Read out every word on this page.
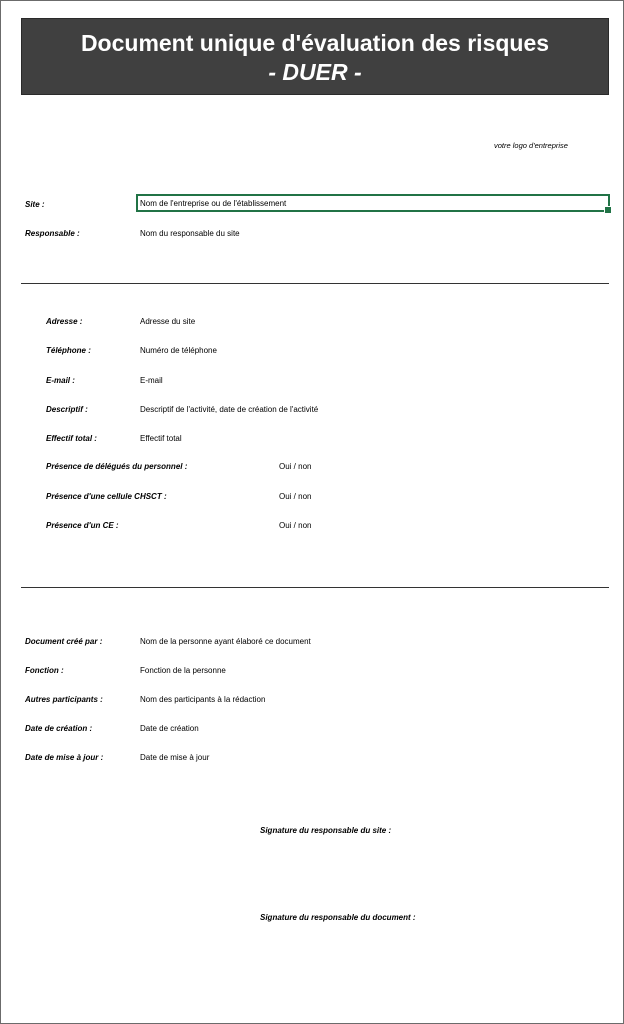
Document unique d'évaluation des risques
- DUER -
votre logo d'entreprise
Site :	Nom de l'entreprise ou de l'établissement
Responsable :	Nom du responsable du site
Adresse :	Adresse du site
Téléphone :	Numéro de téléphone
E-mail :	E-mail
Descriptif :	Descriptif de l'activité, date de création de l'activité
Effectif total :	Effectif total
Présence de délégués du personnel :	Oui / non
Présence d'une cellule CHSCT :	Oui / non
Présence d'un CE :	Oui / non
Document créé par :	Nom de la personne ayant élaboré ce document
Fonction :	Fonction de la personne
Autres participants :	Nom des participants à la rédaction
Date de création :	Date de création
Date de mise à jour :	Date de mise à jour
Signature du responsable du site :
Signature du responsable du document :
